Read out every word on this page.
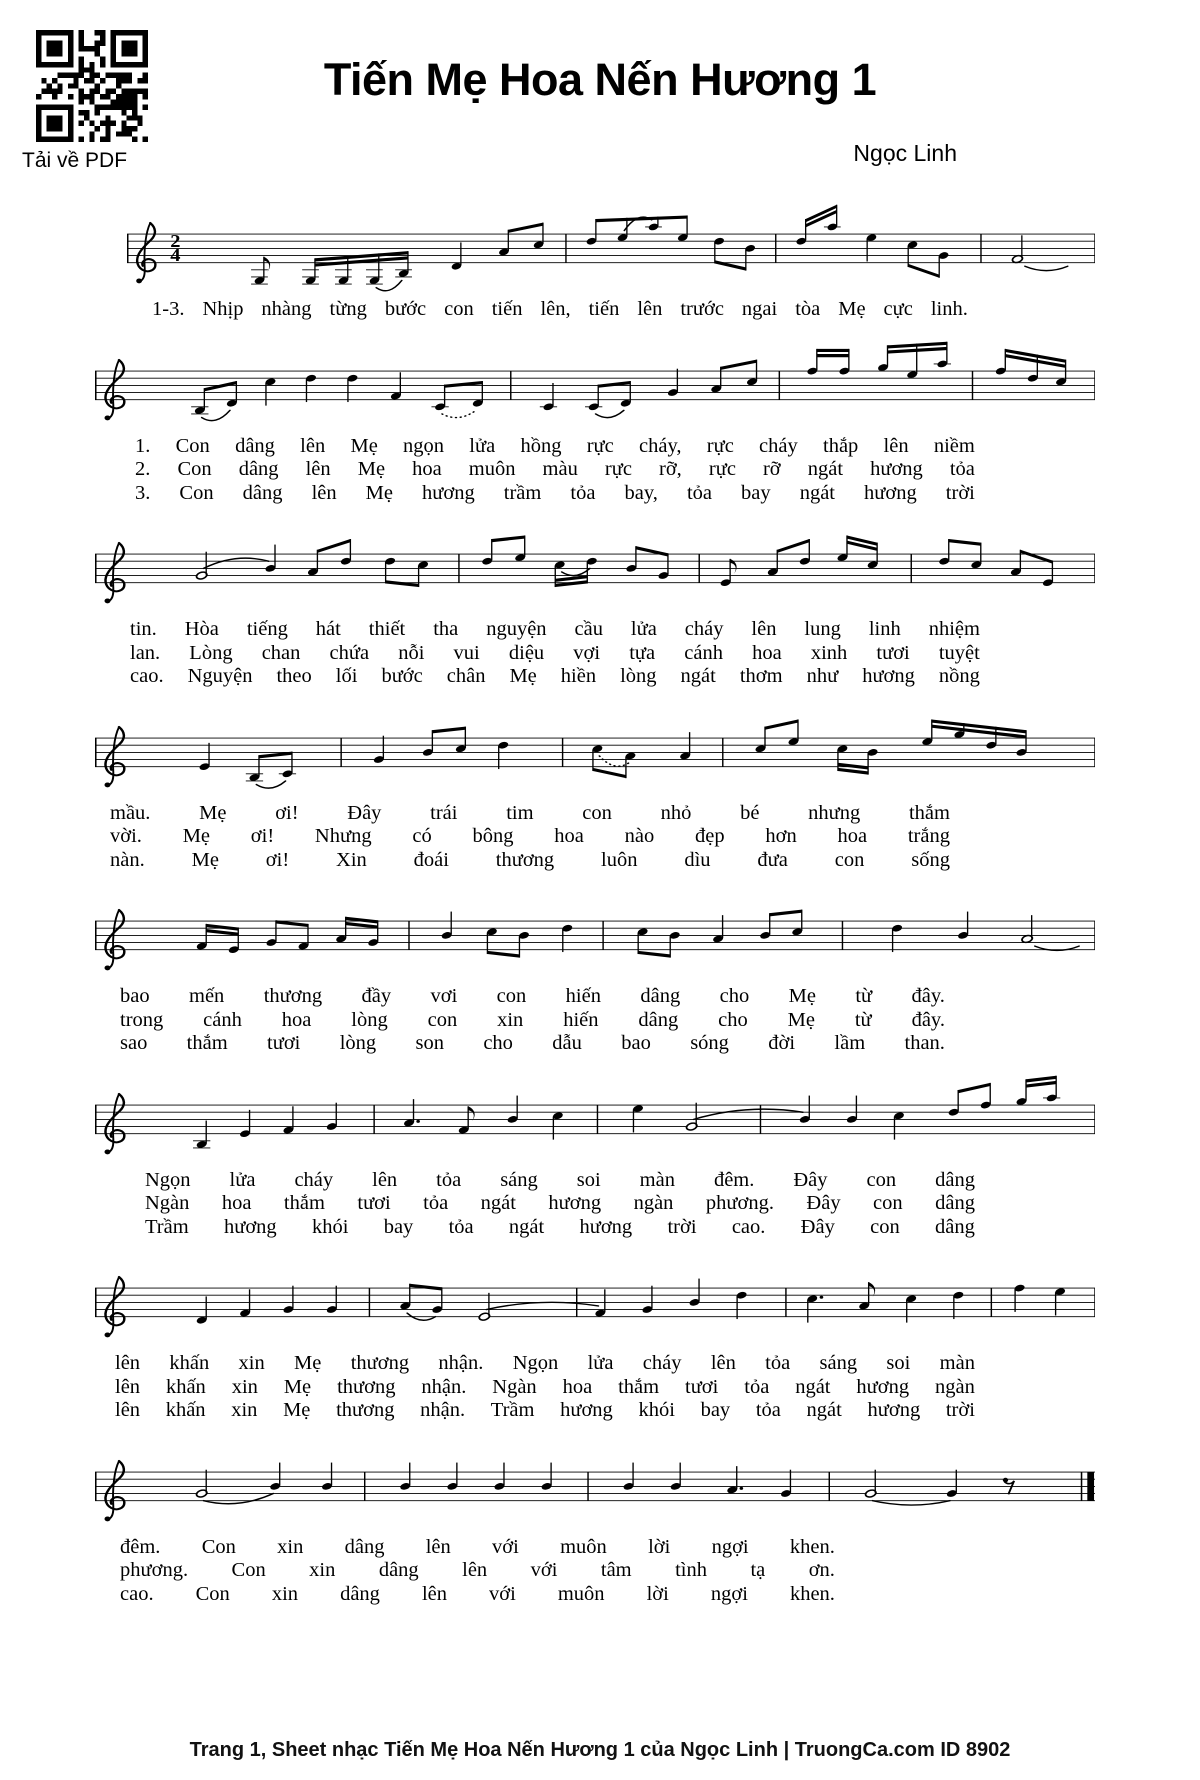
Tải về PDF
Tiến Mẹ Hoa Nến Hương 1
Ngọc Linh
2
4
1-3. Nhịp nhàng từng bước con tiến lên, tiến lên trước ngai tòa Mẹ cực linh.
1. Con dâng lên Mẹ ngọn lửa hồng rực cháy, rực cháy thắp lên niềm
2. Con dâng lên Mẹ hoa muôn màu rực rỡ, rực rỡ ngát hương tỏa
3. Con dâng lên Mẹ hương trầm tỏa bay, tỏa bay ngát hương trời
tin. Hòa tiếng hát thiết tha nguyện cầu lửa cháy lên lung linh nhiệm
lan. Lòng chan chứa nỗi vui diệu vợi tựa cánh hoa xinh tươi tuyệt
cao. Nguyện theo lối bước chân Mẹ hiền lòng ngát thơm như hương nồng
mầu. Mẹ ơi! Đây trái tim con nhỏ bé nhưng thắm
vời. Mẹ ơi! Nhưng có bông hoa nào đẹp hơn hoa trắng
nàn. Mẹ ơi! Xin đoái thương luôn dìu đưa con sống
bao mến thương đầy vơi con hiến dâng cho Mẹ từ đây.
trong cánh hoa lòng con xin hiến dâng cho Mẹ từ đây.
sao thắm tươi lòng son cho dẫu bao sóng đời lầm than.
Ngọn lửa cháy lên tỏa sáng soi màn đêm. Đây con dâng
Ngàn hoa thắm tươi tỏa ngát hương ngàn phương. Đây con dâng
Trầm hương khói bay tỏa ngát hương trời cao. Đây con dâng
lên khấn xin Mẹ thương nhận. Ngọn lửa cháy lên tỏa sáng soi màn
lên khấn xin Mẹ thương nhận. Ngàn hoa thắm tươi tỏa ngát hương ngàn
lên khấn xin Mẹ thương nhận. Trầm hương khói bay tỏa ngát hương trời
đêm. Con xin dâng lên với muôn lời ngợi khen.
phương. Con xin dâng lên với tâm tình tạ ơn.
cao. Con xin dâng lên với muôn lời ngợi khen.
Trang 1, Sheet nhạc Tiến Mẹ Hoa Nến Hương 1 của Ngọc Linh | TruongCa.com ID 8902
